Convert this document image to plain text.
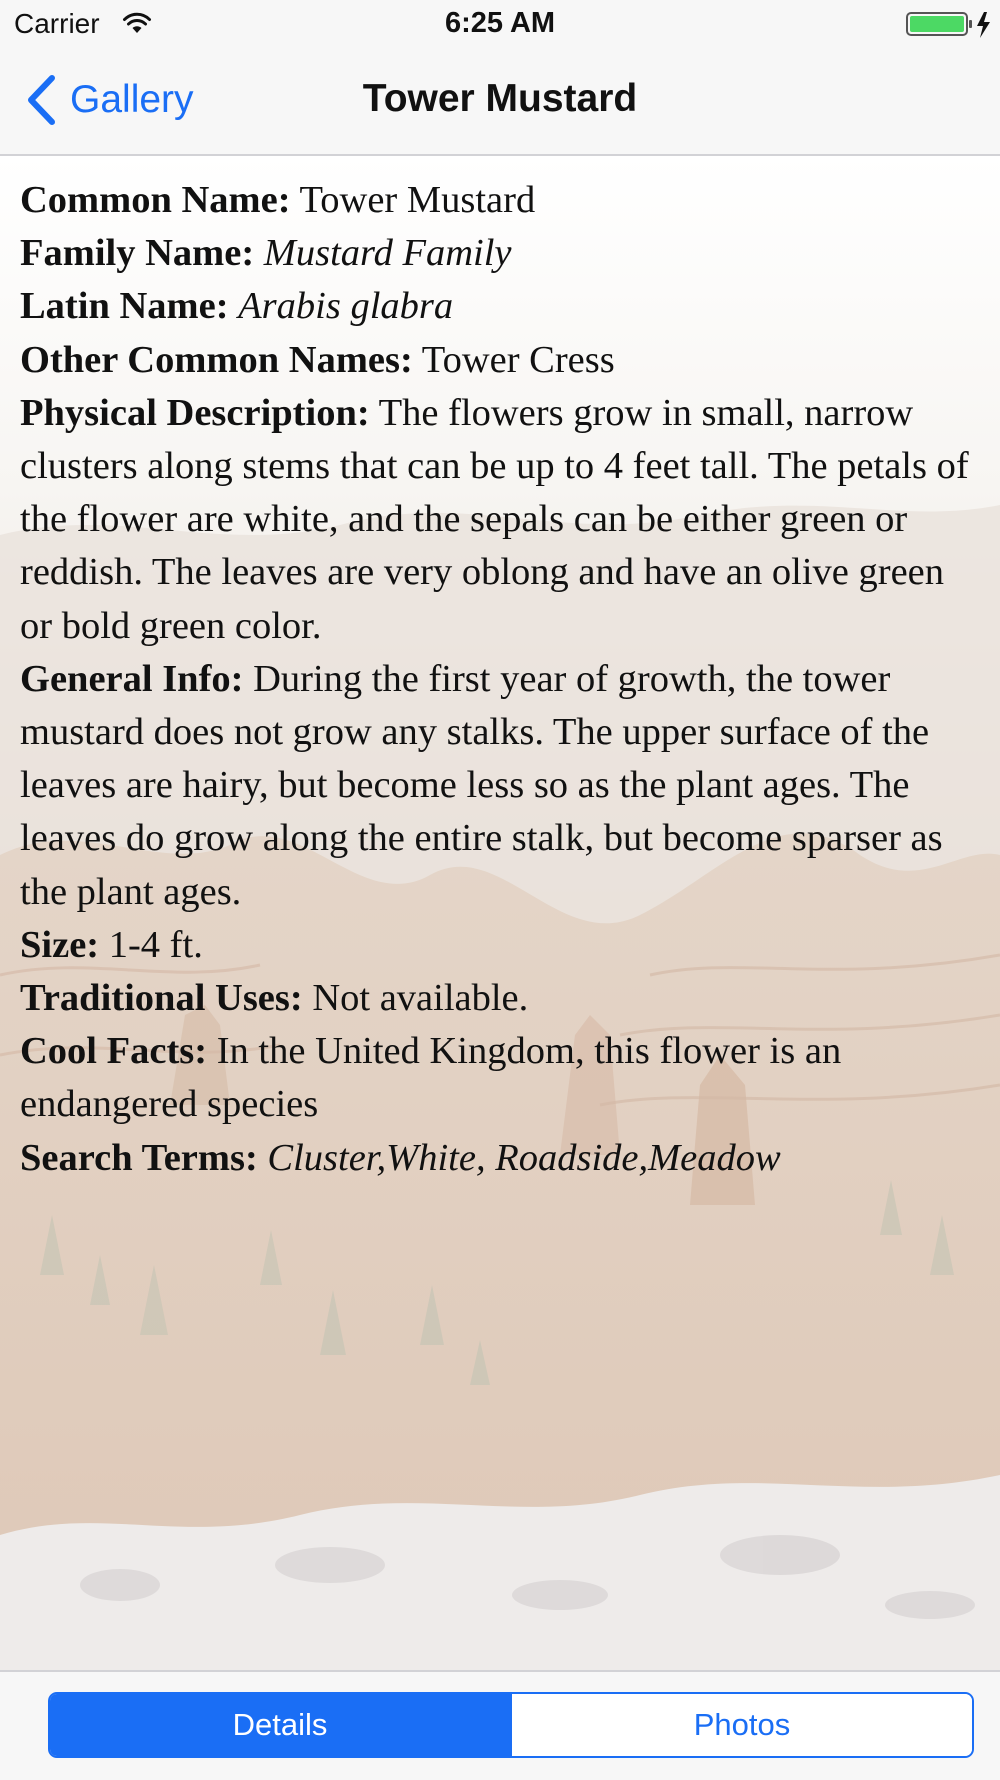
Carrier	6:25 AM
Gallery	Tower Mustard

Common Name: Tower Mustard

Family Name: Mustard Family

Latin Name: Arabis glabra

Other Common Names: Tower Cress

Physical Description: The flowers grow in small, narrow clusters along stems that can be up to 4 feet tall. The petals of the flower are white, and the sepals can be either green or reddish. The leaves are very oblong and have an olive green or bold green color.

General Info: During the first year of growth, the tower mustard does not grow any stalks. The upper surface of the leaves are hairy, but become less so as the plant ages. The leaves do grow along the entire stalk, but become sparser as the plant ages.

Size: 1-4 ft.

Traditional Uses: Not available.

Cool Facts: In the United Kingdom, this flower is an endangered species

Search Terms: Cluster,White, Roadside,Meadow

Details	Photos
